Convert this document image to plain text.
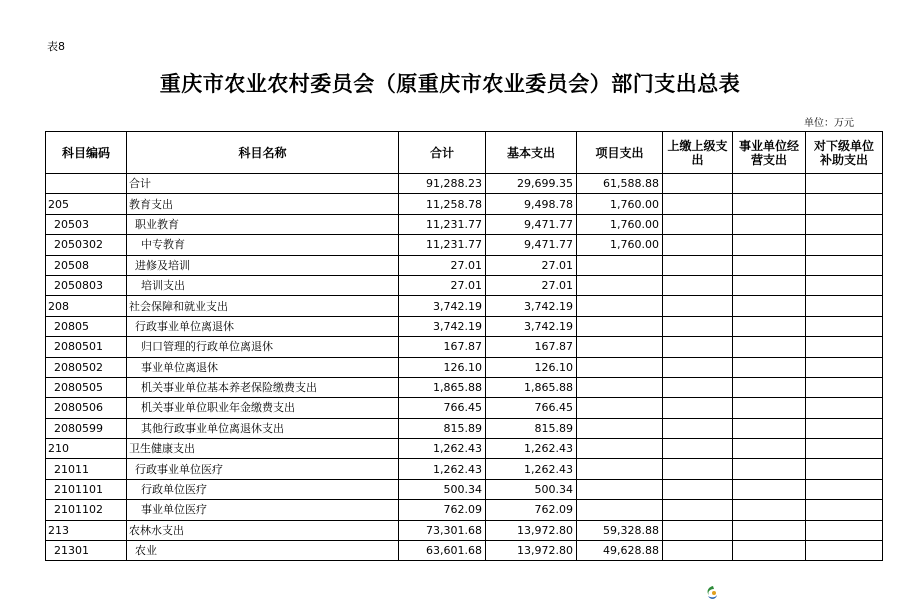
表8
重庆市农业农村委员会（原重庆市农业委员会）部门支出总表
单位：万元
科目编码	科目名称	合计	基本支出	项目支出	上缴上级支出	事业单位经营支出	对下级单位补助支出
	合计	91,288.23	29,699.35	61,588.88			
205	教育支出	11,258.78	9,498.78	1,760.00			
20503	职业教育	11,231.77	9,471.77	1,760.00			
2050302	中专教育	11,231.77	9,471.77	1,760.00			
20508	进修及培训	27.01	27.01				
2050803	培训支出	27.01	27.01				
208	社会保障和就业支出	3,742.19	3,742.19				
20805	行政事业单位离退休	3,742.19	3,742.19				
2080501	归口管理的行政单位离退休	167.87	167.87				
2080502	事业单位离退休	126.10	126.10				
2080505	机关事业单位基本养老保险缴费支出	1,865.88	1,865.88				
2080506	机关事业单位职业年金缴费支出	766.45	766.45				
2080599	其他行政事业单位离退休支出	815.89	815.89				
210	卫生健康支出	1,262.43	1,262.43				
21011	行政事业单位医疗	1,262.43	1,262.43				
2101101	行政单位医疗	500.34	500.34				
2101102	事业单位医疗	762.09	762.09				
213	农林水支出	73,301.68	13,972.80	59,328.88			
21301	农业	63,601.68	13,972.80	49,628.88			
